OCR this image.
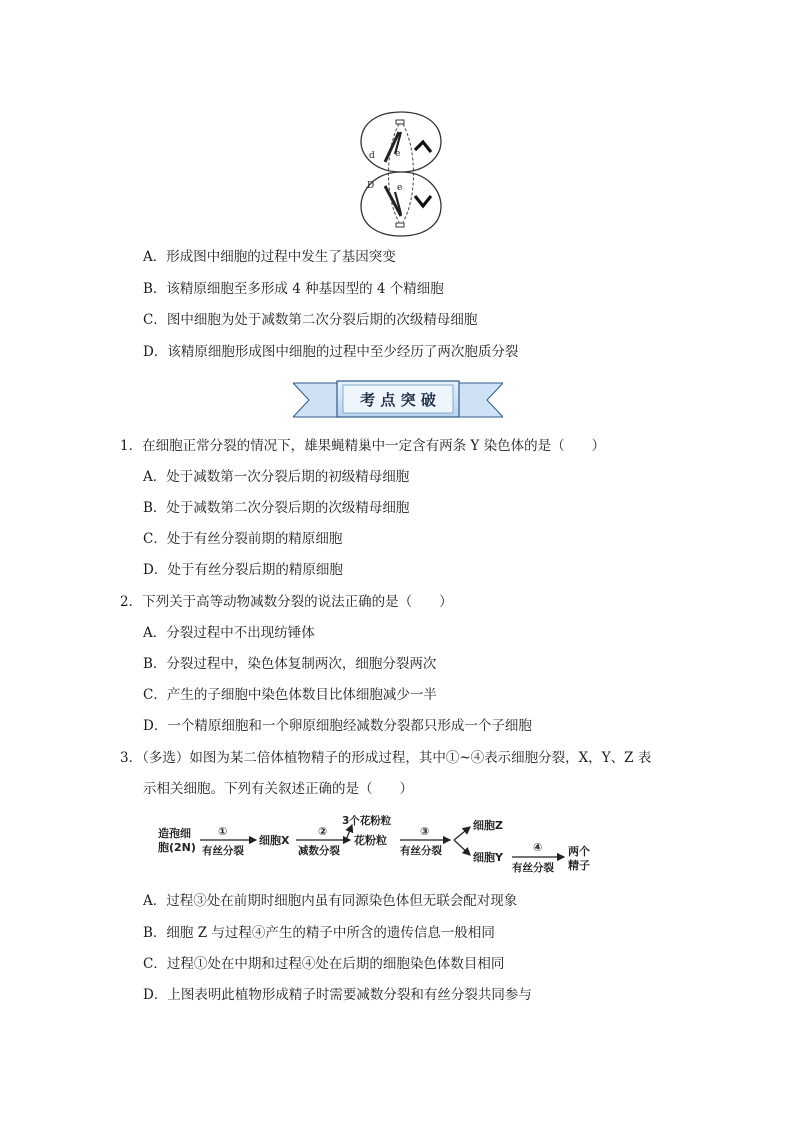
d e
D	e
A．形成图中细胞的过程中发生了基因突变
B．该精原细胞至多形成 4 种基因型的 4 个精细胞
C．图中细胞为处于减数第二次分裂后期的次级精母细胞
D．该精原细胞形成图中细胞的过程中至少经历了两次胞质分裂
考 点 突 破
1．在细胞正常分裂的情况下，雄果蝇精巢中一定含有两条 Y 染色体的是（　　）
A．处于减数第一次分裂后期的初级精母细胞
B．处于减数第二次分裂后期的次级精母细胞
C．处于有丝分裂前期的精原细胞
D．处于有丝分裂后期的精原细胞
2．下列关于高等动物减数分裂的说法正确的是（　　）
A．分裂过程中不出现纺锤体
B．分裂过程中，染色体复制两次，细胞分裂两次
C．产生的子细胞中染色体数目比体细胞减少一半
D．一个精原细胞和一个卵原细胞经减数分裂都只形成一个子细胞
3．（多选）如图为某二倍体植物精子的形成过程，其中①~④表示细胞分裂，X，Y、Z 表
示相关细胞。下列有关叙述正确的是（　　）
造孢细
胞(2N)
①
有丝分裂
细胞X
②
减数分裂
3个花粉粒
花粉粒
③
有丝分裂
细胞Z
细胞Y
④
有丝分裂
两个
精子
A．过程③处在前期时细胞内虽有同源染色体但无联会配对现象
B．细胞 Z 与过程④产生的精子中所含的遗传信息一般相同
C．过程①处在中期和过程④处在后期的细胞染色体数目相同
D．上图表明此植物形成精子时需要减数分裂和有丝分裂共同参与
